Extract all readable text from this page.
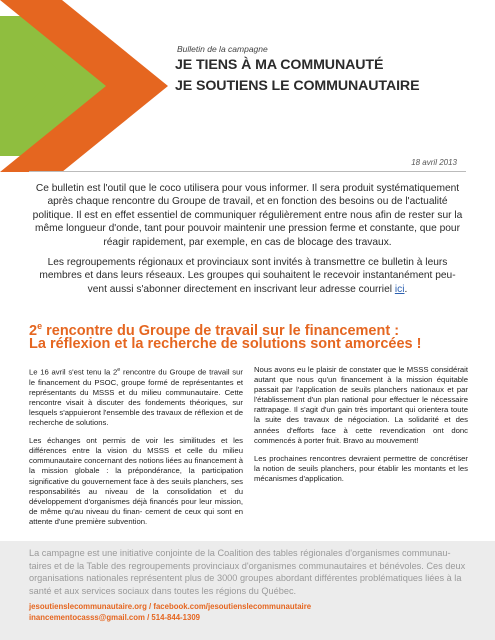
Bulletin de la campagne
JE TIENS À MA COMMUNAUTÉ
JE SOUTIENS LE COMMUNAUTAIRE
18 avril 2013

Ce bulletin est l'outil que le coco utilisera pour vous informer. Il sera produit systématiquement après chaque rencontre du Groupe de travail, et en fonction des besoins ou de l'actualité politique. Il est en effet essentiel de communiquer régulièrement entre nous afin de rester sur la même longueur d'onde, tant pour pouvoir maintenir une pression ferme et constante, que pour réagir rapidement, par exemple, en cas de blocage des travaux.

Les regroupements régionaux et provinciaux sont invités à transmettre ce bulletin à leurs membres et dans leurs réseaux. Les groupes qui souhaitent le recevoir instantanément peu- vent aussi s'abonner directement en inscrivant leur adresse courriel ici.

2e rencontre du Groupe de travail sur le financement :
La réflexion et la recherche de solutions sont amorcées !

Le 16 avril s'est tenu la 2e rencontre du Groupe de travail sur le financement du PSOC, groupe formé de représentantes et représentants du MSSS et du milieu communautaire. Cette rencontre visait à discuter des fondements théoriques, sur lesquels s'appuieront l'ensemble des travaux de réflexion et de recherche de solutions.

Les échanges ont permis de voir les similitudes et les différences entre la vision du MSSS et celle du milieu communautaire concernant des notions liées au financement à la mission globale : la prépondérance, la participation significative du gouvernement face à des seuils planchers, ses responsabilités au niveau de la consolidation et du développement d'organismes déjà financés pour leur mission, de même qu'au niveau du finan- cement de ceux qui sont en attente d'une première subvention.

Nous avons eu le plaisir de constater que le MSSS considérait autant que nous qu'un financement à la mission équitable passait par l'application de seuils planchers nationaux et par l'établissement d'un plan national pour effectuer le nécessaire rattrapage. Il s'agit d'un gain très important qui orientera toute la suite des travaux de négociation. La solidarité et des années d'efforts face à cette revendication ont donc commencés à porter fruit. Bravo au mouvement!

Les prochaines rencontres devraient permettre de concrétiser la notion de seuils planchers, pour établir les montants et les mécanismes d'application.

La campagne est une initiative conjointe de la Coalition des tables régionales d'organismes communau- taires et de la Table des regroupements provinciaux d'organismes communautaires et bénévoles. Ces deux organisations nationales représentent plus de 3000 groupes abordant différentes problématiques liées à la santé et aux services sociaux dans toutes les régions du Québec.

jesoutienslecommunautaire.org / facebook.com/jesoutienslecommunautaire
inancementocasss@gmail.com / 514-844-1309
